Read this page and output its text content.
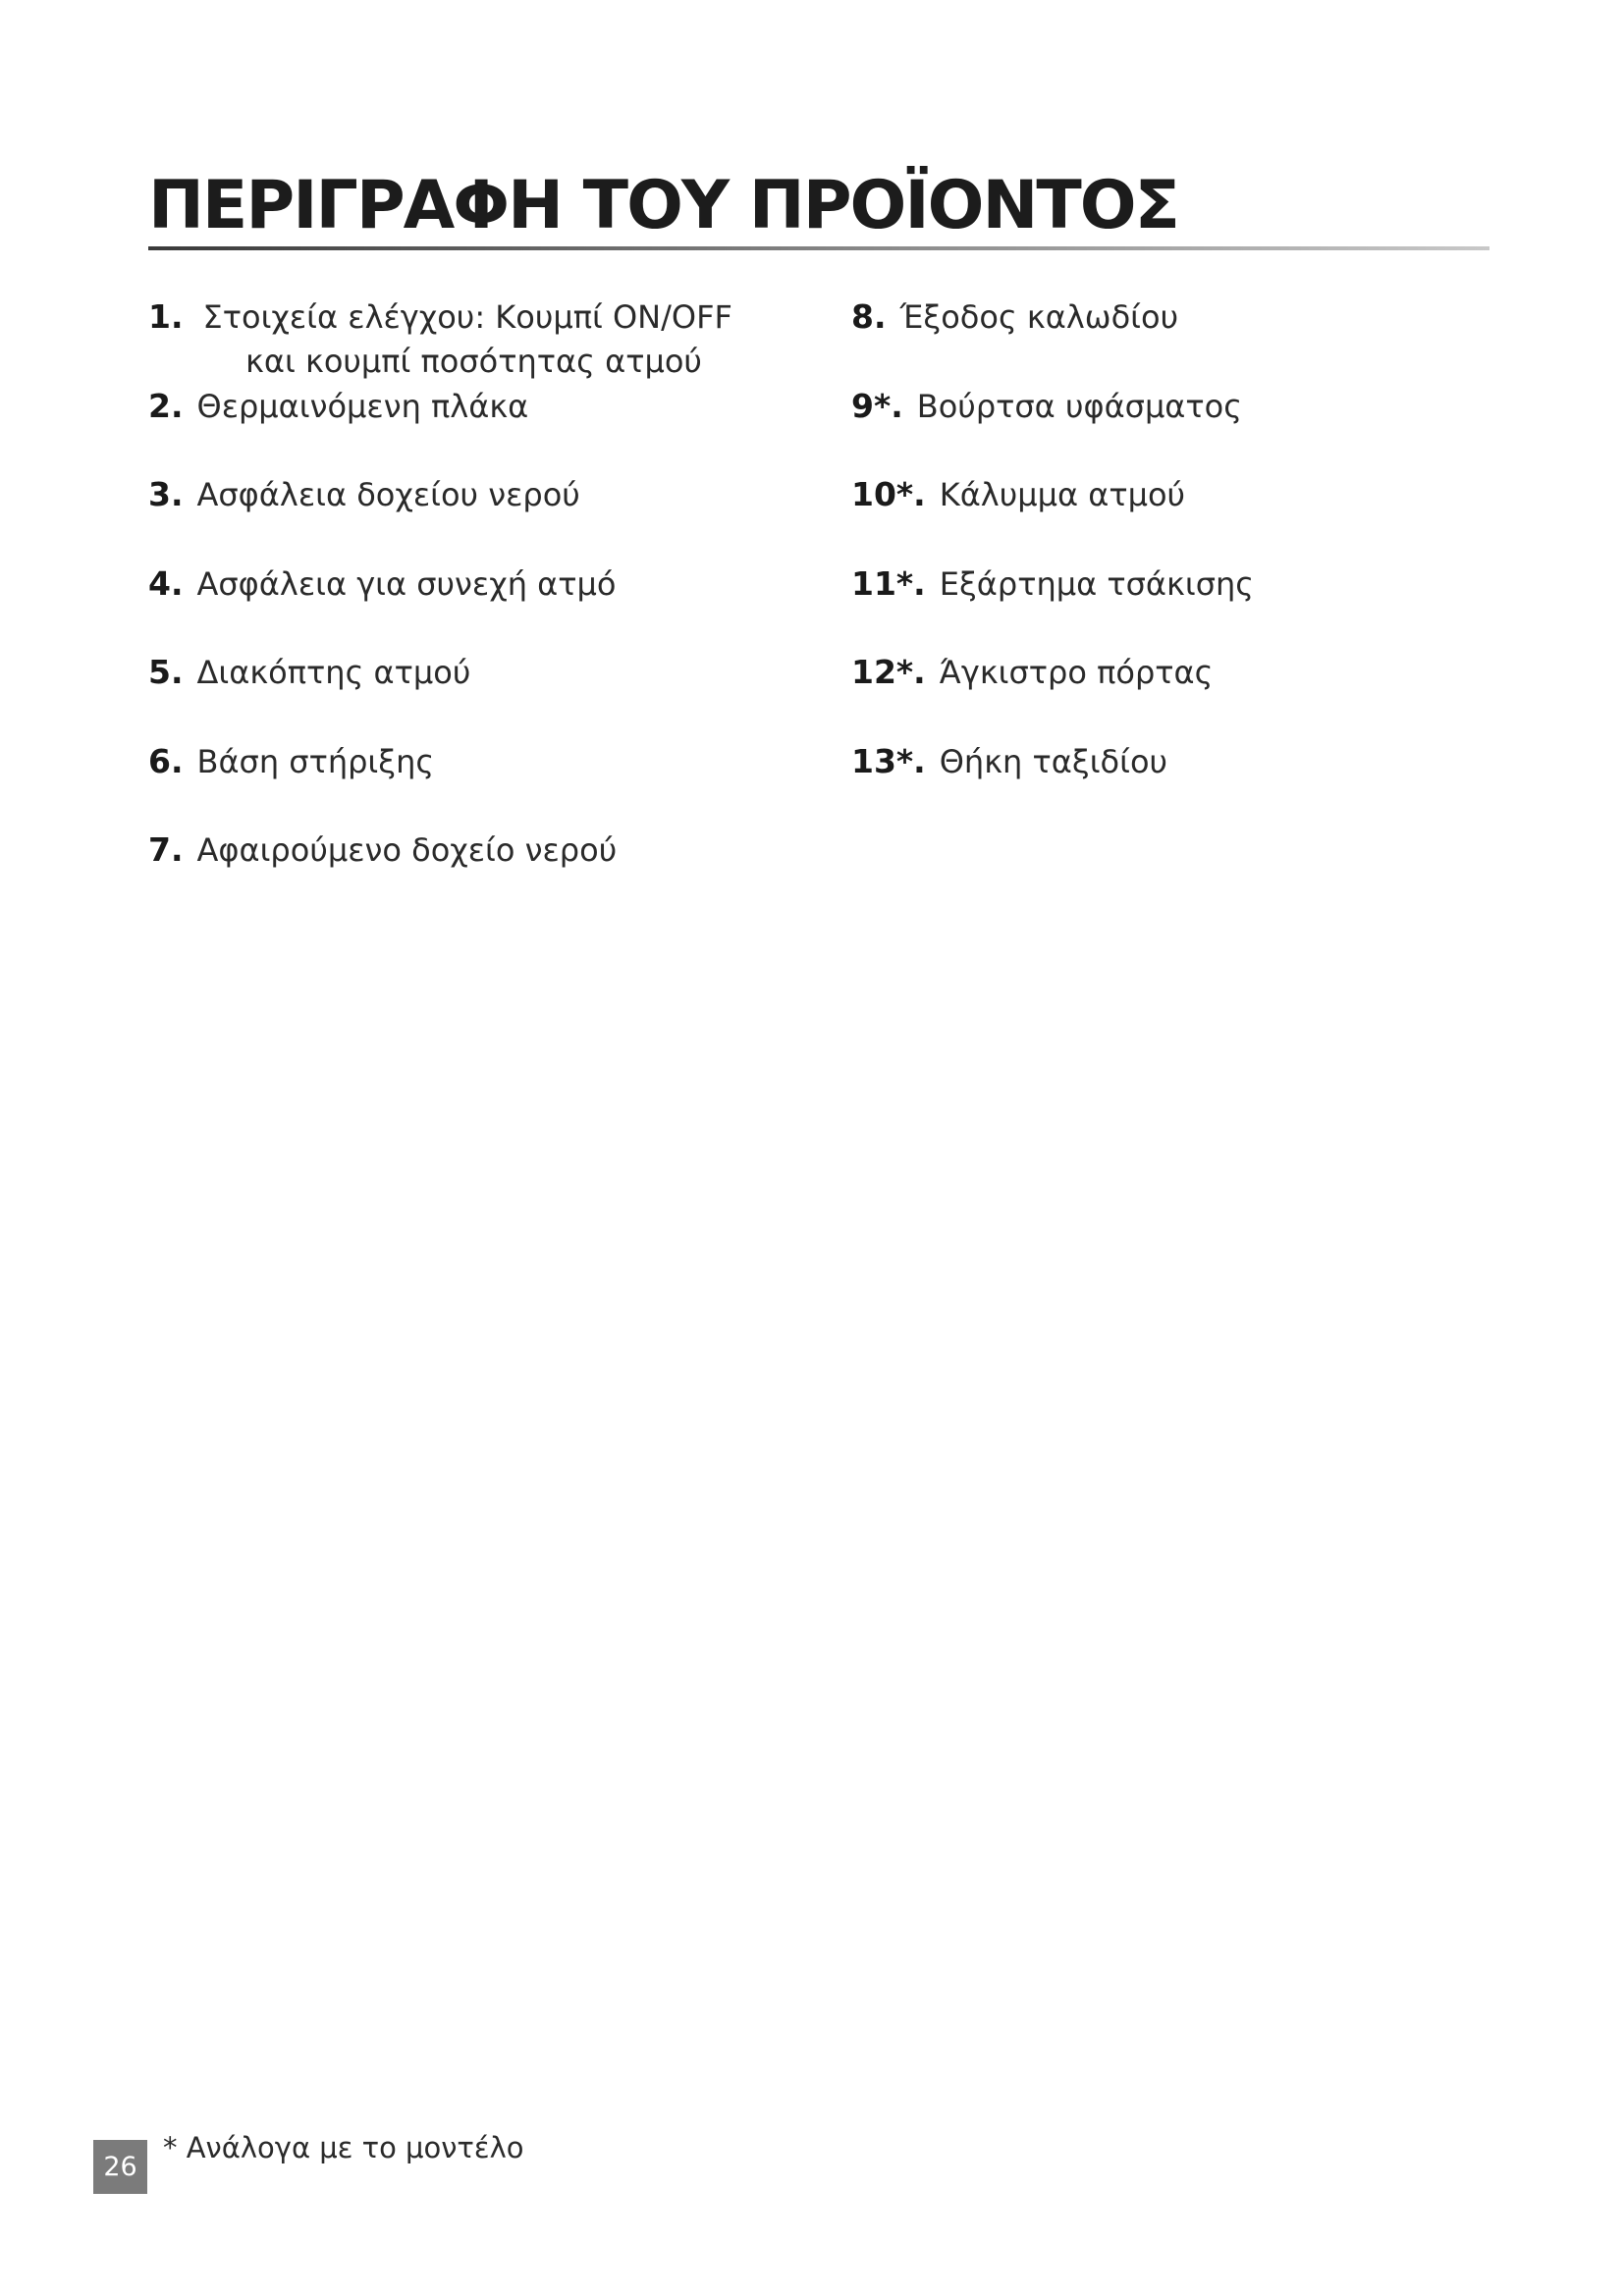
ΠΕΡΙΓΡΑΦΗ ΤΟΥ ΠΡΟΪΟΝΤΟΣ
1. Στοιχεία ελέγχου: Κουμπί ON/OFF
και κουμπί ποσότητας ατμού
2. Θερμαινόμενη πλάκα
3. Ασφάλεια δοχείου νερού
4. Ασφάλεια για συνεχή ατμό
5. Διακόπτης ατμού
6. Βάση στήριξης
7. Αφαιρούμενο δοχείο νερού
8. Έξοδος καλωδίου
9*. Βούρτσα υφάσματος
10*. Κάλυμμα ατμού
11*. Εξάρτημα τσάκισης
12*. Άγκιστρο πόρτας
13*. Θήκη ταξιδίου
26
* Ανάλογα με το μοντέλο
